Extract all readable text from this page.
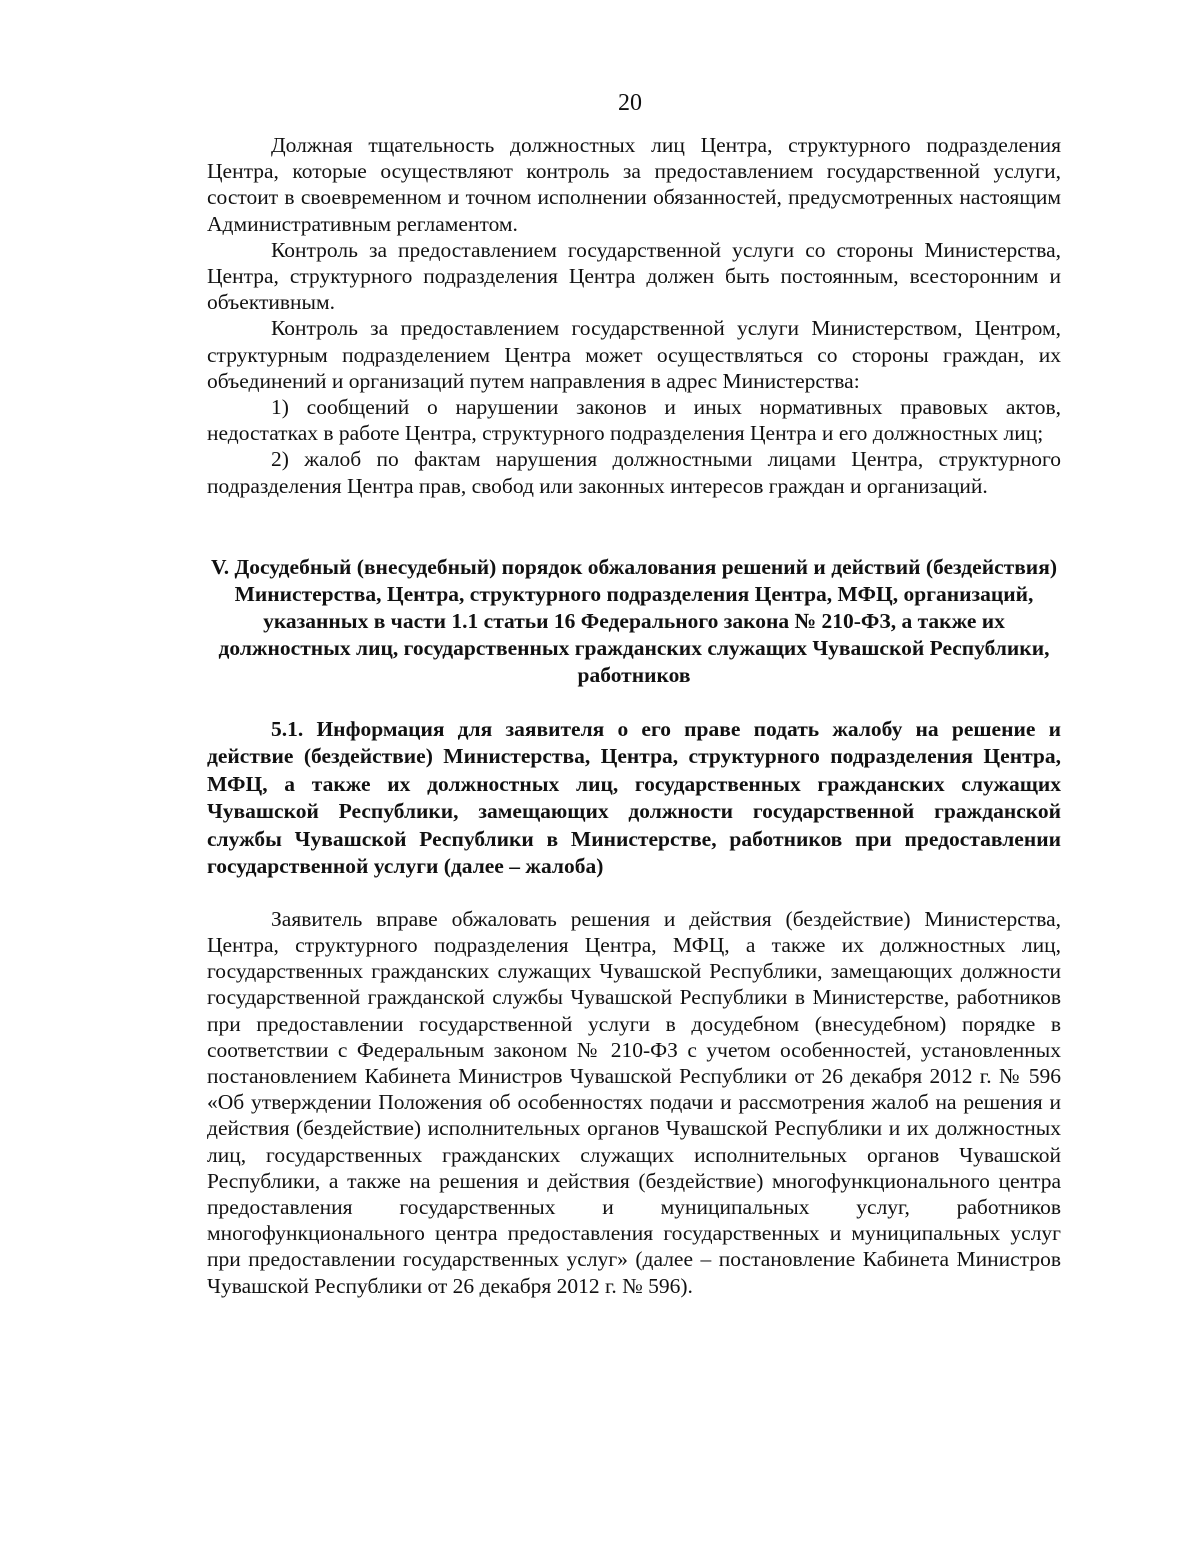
20

Должная тщательность должностных лиц Центра, структурного подразделения Центра, которые осуществляют контроль за предоставлением государственной услуги, состоит в своевременном и точном исполнении обязанностей, предусмотренных настоящим Административным регламентом.

Контроль за предоставлением государственной услуги со стороны Министерства, Центра, структурного подразделения Центра должен быть постоянным, всесторонним и объективным.

Контроль за предоставлением государственной услуги Министерством, Центром, структурным подразделением Центра может осуществляться со стороны граждан, их объединений и организаций путем направления в адрес Министерства:

1) сообщений о нарушении законов и иных нормативных правовых актов, недостатках в работе Центра, структурного подразделения Центра и его должностных лиц;

2) жалоб по фактам нарушения должностными лицами Центра, структурного подразделения Центра прав, свобод или законных интересов граждан и организаций.

V. Досудебный (внесудебный) порядок обжалования решений и действий (бездействия) Министерства, Центра, структурного подразделения Центра, МФЦ, организаций, указанных в части 1.1 статьи 16 Федерального закона № 210-ФЗ, а также их должностных лиц, государственных гражданских служащих Чувашской Республики, работников

5.1. Информация для заявителя о его праве подать жалобу на решение и действие (бездействие) Министерства, Центра, структурного подразделения Центра, МФЦ, а также их должностных лиц, государственных гражданских служащих Чувашской Республики, замещающих должности государственной гражданской службы Чувашской Республики в Министерстве, работников при предоставлении государственной услуги (далее – жалоба)

Заявитель вправе обжаловать решения и действия (бездействие) Министерства, Центра, структурного подразделения Центра, МФЦ, а также их должностных лиц, государственных гражданских служащих Чувашской Республики, замещающих должности государственной гражданской службы Чувашской Республики в Министерстве, работников при предоставлении государственной услуги в досудебном (внесудебном) порядке в соответствии с Федеральным законом № 210-ФЗ с учетом особенностей, установленных постановлением Кабинета Министров Чувашской Республики от 26 декабря 2012 г. № 596 «Об утверждении Положения об особенностях подачи и рассмотрения жалоб на решения и действия (бездействие) исполнительных органов Чувашской Республики и их должностных лиц, государственных гражданских служащих исполнительных органов Чувашской Республики, а также на решения и действия (бездействие) многофункционального центра предоставления государственных и муниципальных услуг, работников многофункционального центра предоставления государственных и муниципальных услуг при предоставлении государственных услуг» (далее – постановление Кабинета Министров Чувашской Республики от 26 декабря 2012 г. № 596).
